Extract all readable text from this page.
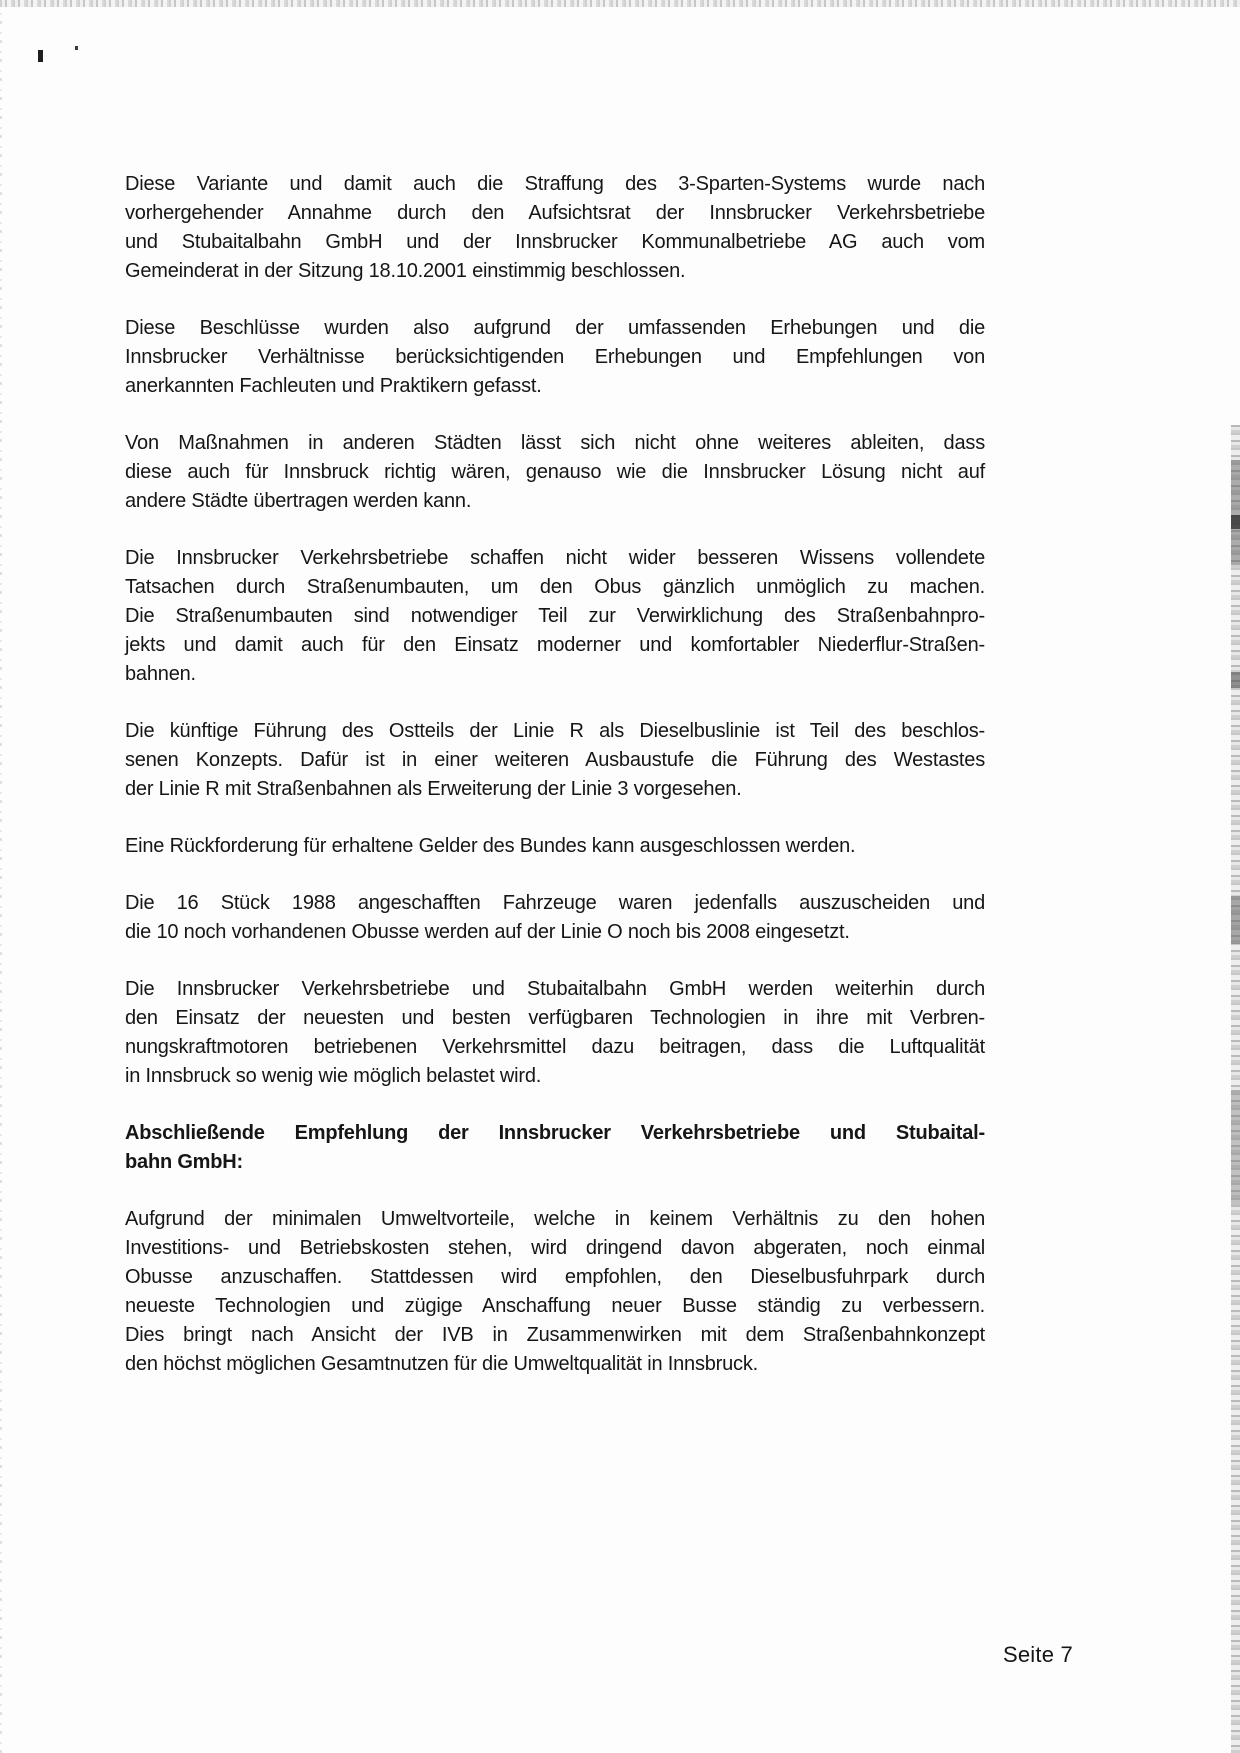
Diese Variante und damit auch die Straffung des 3-Sparten-Systems wurde nach
vorhergehender Annahme durch den Aufsichtsrat der Innsbrucker Verkehrsbetriebe
und Stubaitalbahn GmbH und der Innsbrucker Kommunalbetriebe AG auch vom
Gemeinderat in der Sitzung 18.10.2001 einstimmig beschlossen.
Diese Beschlüsse wurden also aufgrund der umfassenden Erhebungen und die
Innsbrucker Verhältnisse berücksichtigenden Erhebungen und Empfehlungen von
anerkannten Fachleuten und Praktikern gefasst.
Von Maßnahmen in anderen Städten lässt sich nicht ohne weiteres ableiten, dass
diese auch für Innsbruck richtig wären, genauso wie die Innsbrucker Lösung nicht auf
andere Städte übertragen werden kann.
Die Innsbrucker Verkehrsbetriebe schaffen nicht wider besseren Wissens vollendete
Tatsachen durch Straßenumbauten, um den Obus gänzlich unmöglich zu machen.
Die Straßenumbauten sind notwendiger Teil zur Verwirklichung des Straßenbahnpro-
jekts und damit auch für den Einsatz moderner und komfortabler Niederflur-Straßen-
bahnen.
Die künftige Führung des Ostteils der Linie R als Dieselbuslinie ist Teil des beschlos-
senen Konzepts. Dafür ist in einer weiteren Ausbaustufe die Führung des Westastes
der Linie R mit Straßenbahnen als Erweiterung der Linie 3 vorgesehen.
Eine Rückforderung für erhaltene Gelder des Bundes kann ausgeschlossen werden.
Die 16 Stück 1988 angeschafften Fahrzeuge waren jedenfalls auszuscheiden und
die 10 noch vorhandenen Obusse werden auf der Linie O noch bis 2008 eingesetzt.
Die Innsbrucker Verkehrsbetriebe und Stubaitalbahn GmbH werden weiterhin durch
den Einsatz der neuesten und besten verfügbaren Technologien in ihre mit Verbren-
nungskraftmotoren betriebenen Verkehrsmittel dazu beitragen, dass die Luftqualität
in Innsbruck so wenig wie möglich belastet wird.
Abschließende Empfehlung der Innsbrucker Verkehrsbetriebe und Stubaital-
bahn GmbH:
Aufgrund der minimalen Umweltvorteile, welche in keinem Verhältnis zu den hohen
Investitions- und Betriebskosten stehen, wird dringend davon abgeraten, noch einmal
Obusse anzuschaffen. Stattdessen wird empfohlen, den Dieselbusfuhrpark durch
neueste Technologien und zügige Anschaffung neuer Busse ständig zu verbessern.
Dies bringt nach Ansicht der IVB in Zusammenwirken mit dem Straßenbahnkonzept
den höchst möglichen Gesamtnutzen für die Umweltqualität in Innsbruck.
Seite 7
